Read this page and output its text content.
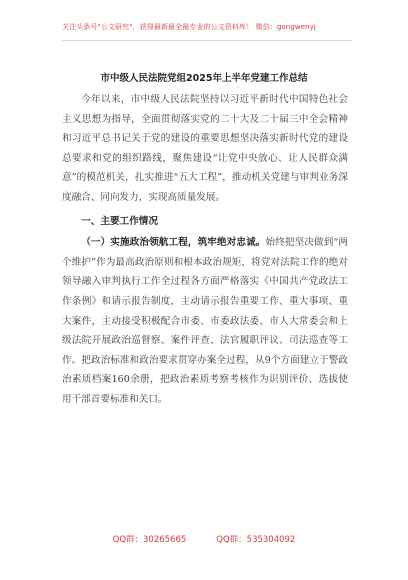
关注头条号"公文研究"，获得最新最全最专业的公文资料库！ 微信：gongwenyj
市中级人民法院党组2025年上半年党建工作总结

今年以来，市中级人民法院坚持以习近平新时代中国特色社会主义思想为指导，全面贯彻落实党的二十大及二十届三中全会精神和习近平总书记关于党的建设的重要思想坚决落实新时代党的建设总要求和党的组织路线，聚焦建设“让党中央放心、让人民群众满意”的模范机关，扎实推进“五大工程”，推动机关党建与审判业务深度融合、同向发力，实现高质量发展。

一、主要工作情况

（一）实施政治领航工程，筑牢绝对忠诚。始终把坚决做到“两个维护”作为最高政治原则和根本政治规矩，将党对法院工作的绝对领导融入审判执行工作全过程各方面严格落实《中国共产党政法工作条例》和请示报告制度，主动请示报告重要工作、重大事项、重大案件，主动接受积极配合市委、市委政法委、市人大常委会和上级法院开展政治巡督察、案件评查、法官履职评议、司法巡查等工作。把政治标准和政治要求贯穿办案全过程，从9个方面建立于警政治素质档案160余册，把政治素质考察考核作为识别评价、选拔使用干部首要标准和关口。

QQ群：30265665	QQ群：535304092
